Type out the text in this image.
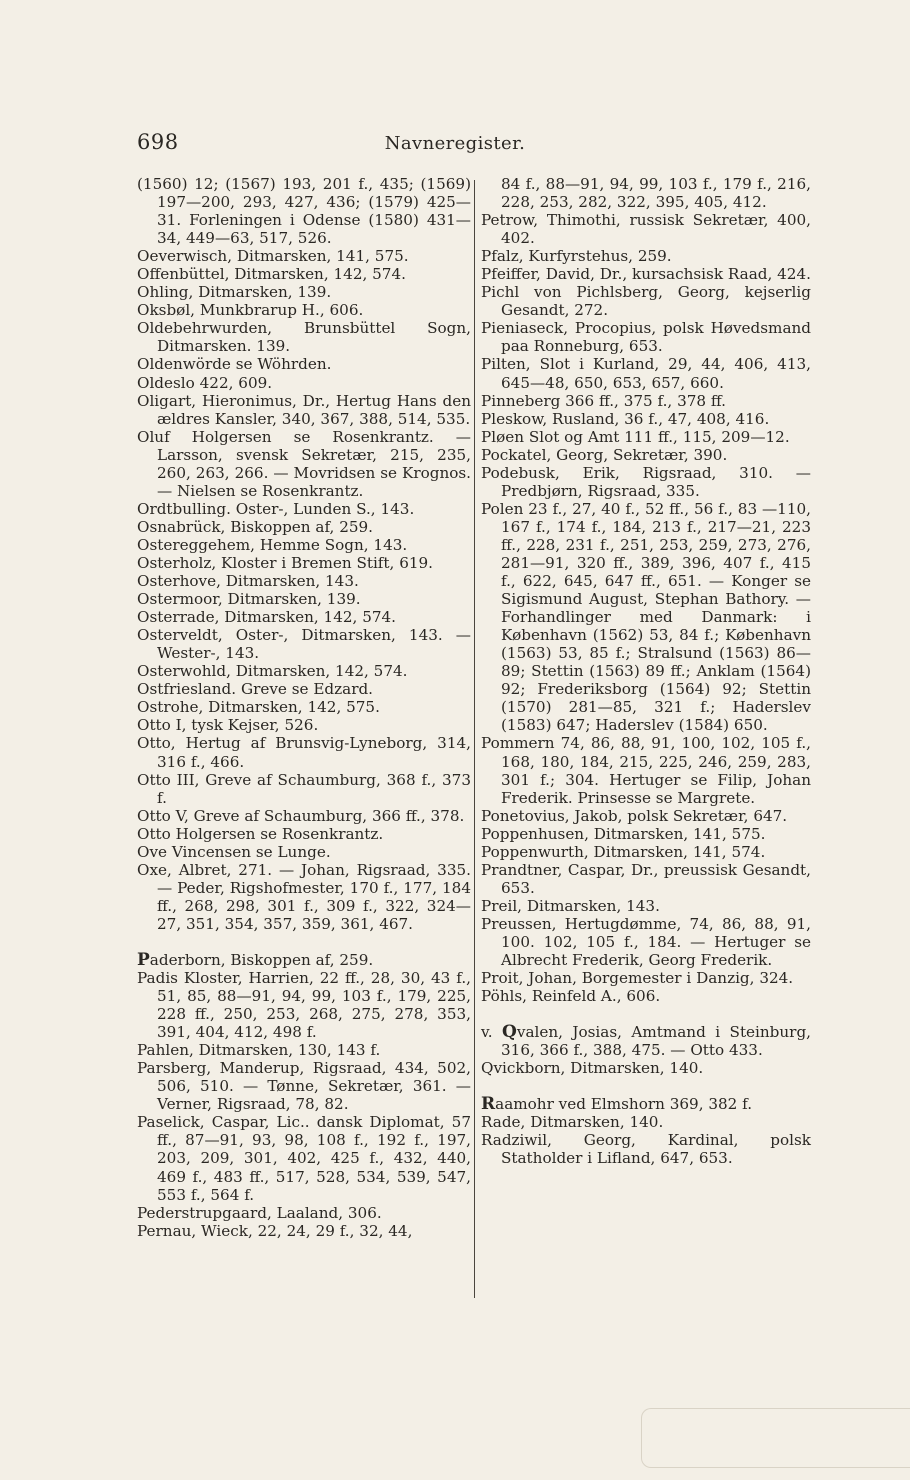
698	Navneregister.

(1560) 12; (1567) 193, 201 f., 435; (1569) 197—200, 293, 427, 436; (1579) 425—31. Forleningen i Odense (1580) 431—34, 449—63, 517, 526.

Oeverwisch, Ditmarsken, 141, 575.

Offenbüttel, Ditmarsken, 142, 574.

Ohling, Ditmarsken, 139.

Oksbøl, Munkbrarup H., 606.

Oldebehrwurden, Brunsbüttel Sogn, Ditmarsken. 139.

Oldenwörde se Wöhrden.

Oldeslo 422, 609.

Oligart, Hieronimus, Dr., Hertug Hans den ældres Kansler, 340, 367, 388, 514, 535.

Oluf Holgersen se Rosenkrantz. — Larsson, svensk Sekretær, 215, 235, 260, 263, 266. — Movridsen se Krognos. — Nielsen se Rosenkrantz.

Ordtbulling. Oster-, Lunden S., 143.

Osnabrück, Biskoppen af, 259.

Ostereggehem, Hemme Sogn, 143.

Osterholz, Kloster i Bremen Stift, 619.

Osterhove, Ditmarsken, 143.

Ostermoor, Ditmarsken, 139.

Osterrade, Ditmarsken, 142, 574.

Osterveldt, Oster-, Ditmarsken, 143. — Wester-, 143.

Osterwohld, Ditmarsken, 142, 574.

Ostfriesland. Greve se Edzard.

Ostrohe, Ditmarsken, 142, 575.

Otto I, tysk Kejser, 526.

Otto, Hertug af Brunsvig-Lyneborg, 314, 316 f., 466.

Otto III, Greve af Schaumburg, 368 f., 373 f.

Otto V, Greve af Schaumburg, 366 ff., 378.

Otto Holgersen se Rosenkrantz.

Ove Vincensen se Lunge.

Oxe, Albret, 271. — Johan, Rigsraad, 335. — Peder, Rigshofmester, 170 f., 177, 184 ff., 268, 298, 301 f., 309 f., 322, 324—27, 351, 354, 357, 359, 361, 467.

Paderborn, Biskoppen af, 259.

Padis Kloster, Harrien, 22 ff., 28, 30, 43 f., 51, 85, 88—91, 94, 99, 103 f., 179, 225, 228 ff., 250, 253, 268, 275, 278, 353, 391, 404, 412, 498 f.

Pahlen, Ditmarsken, 130, 143 f.

Parsberg, Manderup, Rigsraad, 434, 502, 506, 510. — Tønne, Sekretær, 361. — Verner, Rigsraad, 78, 82.

Paselick, Caspar, Lic.. dansk Diplomat, 57 ff., 87—91, 93, 98, 108 f., 192 f., 197, 203, 209, 301, 402, 425 f., 432, 440, 469 f., 483 ff., 517, 528, 534, 539, 547, 553 f., 564 f.

Pederstrupgaard, Laaland, 306.

Pernau, Wieck, 22, 24, 29 f., 32, 44,

84 f., 88—91, 94, 99, 103 f., 179 f., 216, 228, 253, 282, 322, 395, 405, 412.

Petrow, Thimothi, russisk Sekretær, 400, 402.

Pfalz, Kurfyrstehus, 259.

Pfeiffer, David, Dr., kursachsisk Raad, 424.

Pichl von Pichlsberg, Georg, kejserlig Gesandt, 272.

Pieniaseck, Procopius, polsk Høvedsmand paa Ronneburg, 653.

Pilten, Slot i Kurland, 29, 44, 406, 413, 645—48, 650, 653, 657, 660.

Pinneberg 366 ff., 375 f., 378 ff.

Pleskow, Rusland, 36 f., 47, 408, 416.

Pløen Slot og Amt 111 ff., 115, 209—12.

Pockatel, Georg, Sekretær, 390.

Podebusk, Erik, Rigsraad, 310. — Predbjørn, Rigsraad, 335.

Polen 23 f., 27, 40 f., 52 ff., 56 f., 83 —110, 167 f., 174 f., 184, 213 f., 217—21, 223 ff., 228, 231 f., 251, 253, 259, 273, 276, 281—91, 320 ff., 389, 396, 407 f., 415 f., 622, 645, 647 ff., 651. — Konger se Sigismund August, Stephan Bathory. — Forhandlinger med Danmark: i København (1562) 53, 84 f.; København (1563) 53, 85 f.; Stralsund (1563) 86—89; Stettin (1563) 89 ff.; Anklam (1564) 92; Frederiksborg (1564) 92; Stettin (1570) 281—85, 321 f.; Haderslev (1583) 647; Haderslev (1584) 650.

Pommern 74, 86, 88, 91, 100, 102, 105 f., 168, 180, 184, 215, 225, 246, 259, 283, 301 f.; 304. Hertuger se Filip, Johan Frederik. Prinsesse se Margrete.

Ponetovius, Jakob, polsk Sekretær, 647.

Poppenhusen, Ditmarsken, 141, 575.

Poppenwurth, Ditmarsken, 141, 574.

Prandtner, Caspar, Dr., preussisk Gesandt, 653.

Preil, Ditmarsken, 143.

Preussen, Hertugdømme, 74, 86, 88, 91, 100. 102, 105 f., 184. — Hertuger se Albrecht Frederik, Georg Frederik.

Proit, Johan, Borgemester i Danzig, 324.

Pöhls, Reinfeld A., 606.

v. Qvalen, Josias, Amtmand i Steinburg, 316, 366 f., 388, 475. — Otto 433.

Qvickborn, Ditmarsken, 140.

Raamohr ved Elmshorn 369, 382 f.

Rade, Ditmarsken, 140.

Radziwil, Georg, Kardinal, polsk Statholder i Lifland, 647, 653.
